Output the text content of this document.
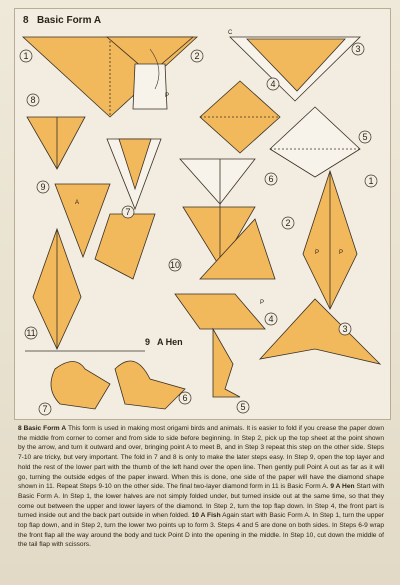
8 Basic Form A
P
C
A
P	P
P
9 A Hen
1	2
3
4
5
6
7
8
9
10
11
1
2
3
4
5
6
7

8 Basic Form A This form is used in making most origami birds and animals. It is easier to fold if you crease the paper down the middle from corner to corner and from side to side before beginning. In Step 2, pick up the top sheet at the point shown by the arrow, and turn it outward and over, bringing point A to meet B, and in Step 3 repeat this step on the other side. Steps 7-10 are tricky, but very important. The fold in 7 and 8 is only to make the later steps easy. In Step 9, open the top layer and hold the rest of the lower part with the thumb of the left hand over the open line. Then gently pull Point A out as far as it will go, turning the outside edges of the paper inward. When this is done, one side of the paper will have the diamond shape shown in 11. Repeat Steps 9-10 on the other side. The final two-layer diamond form in 11 is Basic Form A. 9 A Hen Start with Basic Form A. In Step 1, the lower halves are not simply folded under, but turned inside out at the same time, so that they come out between the upper and lower layers of the diamond. In Step 2, turn the top flap down. In Step 4, the front part is turned inside out and the back part outside in when folded. 10 A Fish Again start with Basic Form A. In Step 1, turn the upper top flap down, and in Step 2, turn the lower two points up to form 3. Steps 4 and 5 are done on both sides. In Steps 6-9 wrap the front flap all the way around the body and tuck Point D into the opening in the middle. In Step 10, cut down the middle of the tail flap with scissors.
